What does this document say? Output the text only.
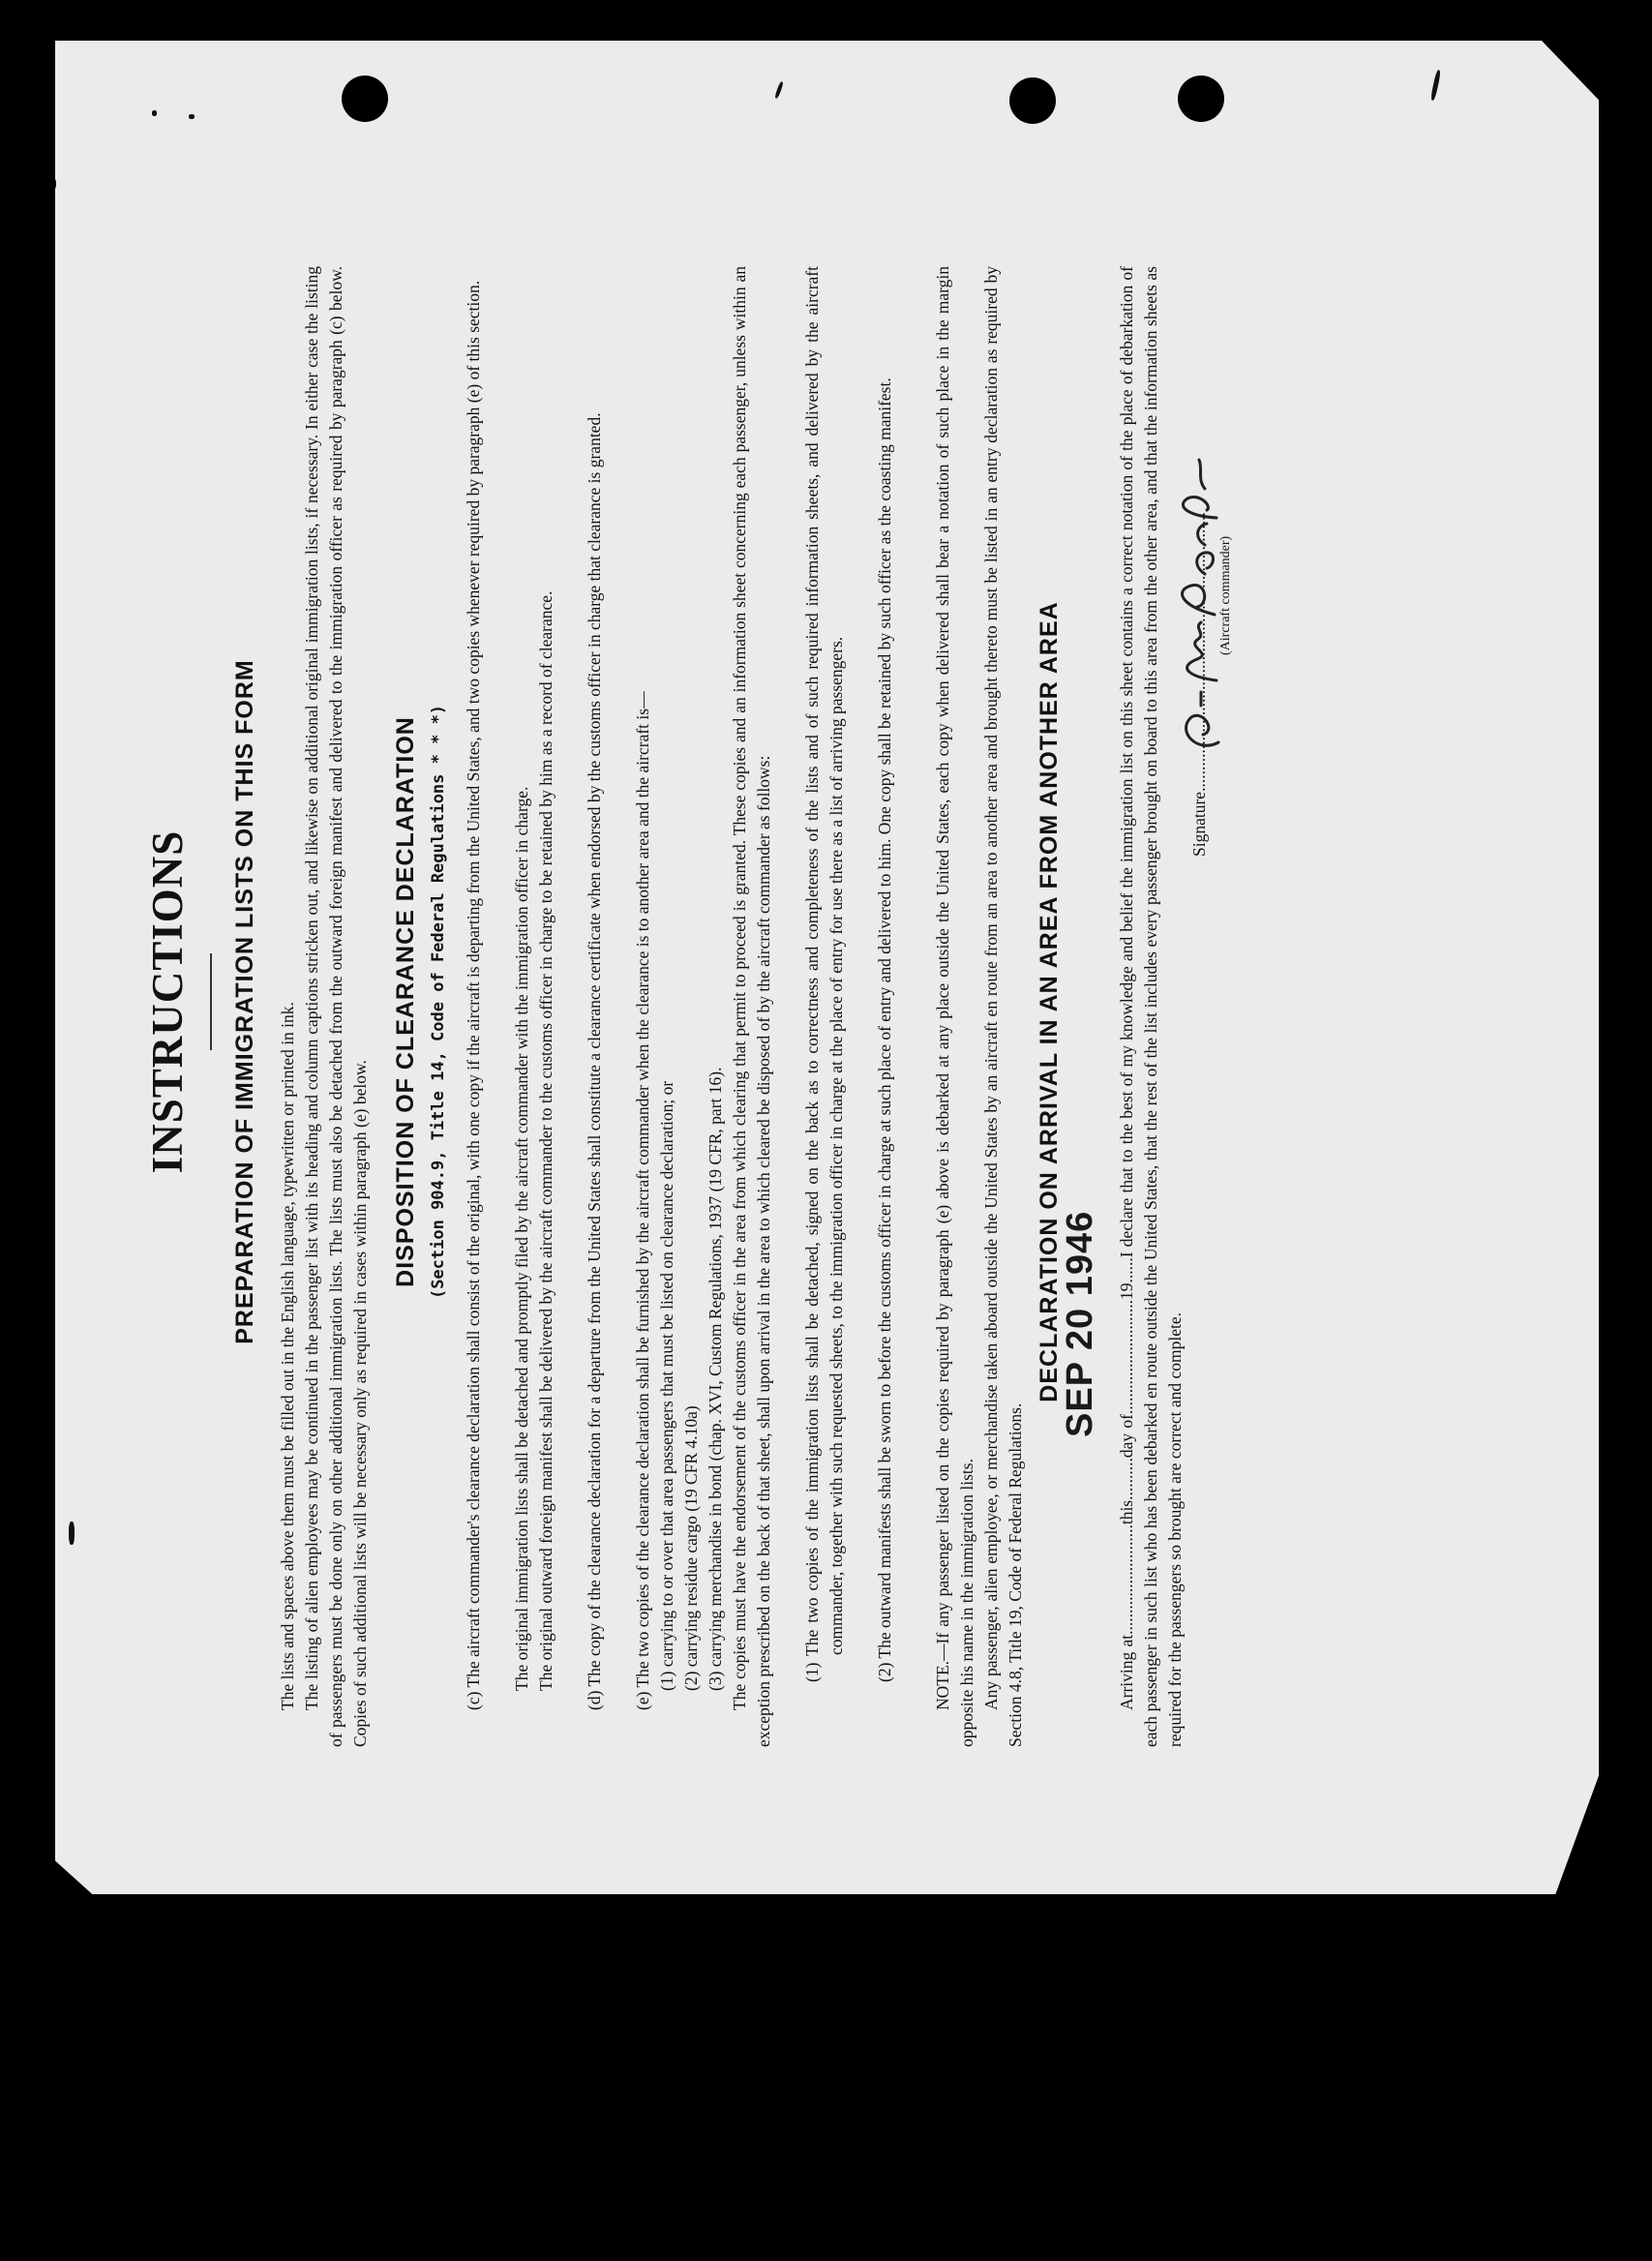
INSTRUCTIONS PREPARATION OF IMMIGRATION LISTS ON THIS FORM

The lists and spaces above them must be filled out in the English language, typewritten or printed in ink. The listing of alien employees may be continued in the passenger list with its heading and column captions stricken out, and likewise on additional original immigration lists, if necessary. In either case the listing of passengers must be done only on other additional immigration lists. The lists must also be detached from the outward foreign manifest and delivered to the immigration officer as required by paragraph (c) below. Copies of such additional lists will be necessary only as required in cases within paragraph (e) below.

DISPOSITION OF CLEARANCE DECLARATION (Section 904.9, Title 14, Code of Federal Regulations * * *) (c) The aircraft commander's clearance declaration shall consist of the original, with one copy if the aircraft is departing from the United States, and two copies whenever required by paragraph (e) of this section. The original immigration lists shall be detached and promptly filed by the aircraft commander with the immigration officer in charge. The original outward foreign manifest shall be delivered by the aircraft commander to the customs officer in charge to be retained by him as a record of clearance. (d) The copy of the clearance declaration for a departure from the United States shall constitute a clearance certificate when endorsed by the customs officer in charge that clearance is granted. (e) The two copies of the clearance declaration shall be furnished by the aircraft commander when the clearance is to another area and the aircraft is— (1) carrying to or over that area passengers that must be listed on clearance declaration; or (2) carrying residue cargo (19 CFR 4.10a) (3) carrying merchandise in bond (chap. XVI, Custom Regulations, 1937 (19 CFR, part 16). The copies must have the endorsement of the customs officer in the area from which clearing that permit to proceed is granted. These copies and an information sheet concerning each passenger, unless within an exception prescribed on the back of that sheet, shall upon arrival in the area to which cleared be disposed of by the aircraft commander as follows: (1) The two copies of the immigration lists shall be detached, signed on the back as to correctness and completeness of the lists and of such required information sheets, and delivered by the aircraft commander, together with such requested sheets, to the immigration officer in charge at the place of entry for use there as a list of arriving passengers. (2) The outward manifests shall be sworn to before the customs officer in charge at such place of entry and delivered to him. One copy shall be retained by such officer as the coasting manifest. NOTE.—If any passenger listed on the copies required by paragraph (e) above is debarked at any place outside the United States, each copy when delivered shall bear a notation of such place in the margin opposite his name in the immigration lists. Any passenger, alien employee, or merchandise taken aboard outside the United States by an aircraft en route from an area to another area and brought thereto must be listed in an entry declaration as required by Section 4.8, Title 19, Code of Federal Regulations.

DECLARATION ON ARRIVAL IN AN AREA FROM ANOTHER AREA
SEP 20 1946 Arriving at..........................this..........day of...........................19......I declare that to the best of my knowledge and belief the immigration list on this sheet contains a correct notation of the place of debarkation of each passenger in such list who has been debarked en route outside the United States, that the rest of the list includes every passenger brought on board to this area from the other area, and that the information sheets as required for the passengers so brought are correct and complete.

Signature.................................................................. (Aircraft commander)
